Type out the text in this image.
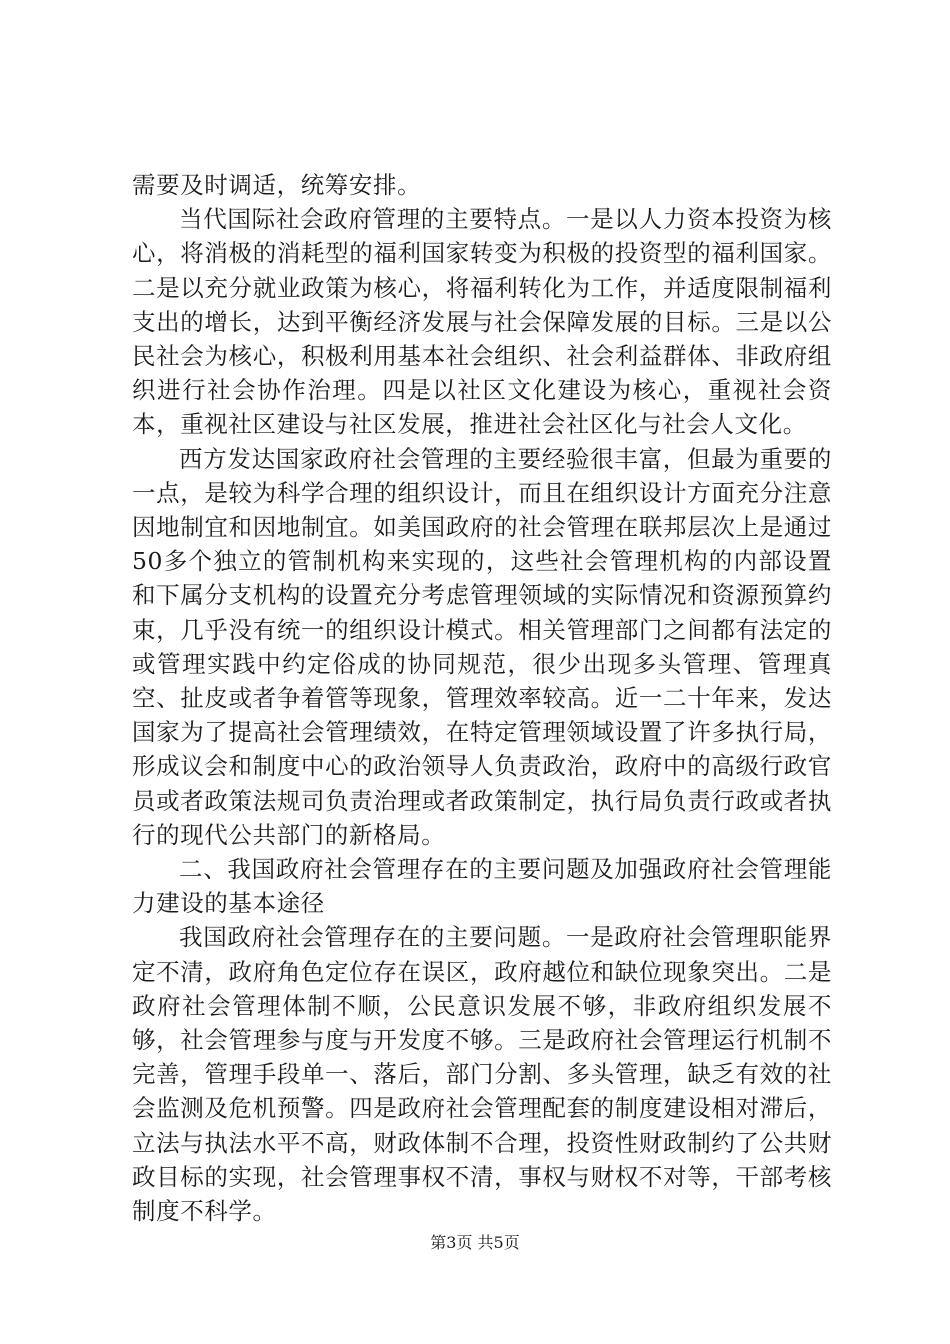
需要及时调适，统筹安排。

当代国际社会政府管理的主要特点。一是以人力资本投资为核心，将消极的消耗型的福利国家转变为积极的投资型的福利国家。二是以充分就业政策为核心，将福利转化为工作，并适度限制福利支出的增长，达到平衡经济发展与社会保障发展的目标。三是以公民社会为核心，积极利用基本社会组织、社会利益群体、非政府组织进行社会协作治理。四是以社区文化建设为核心，重视社会资本，重视社区建设与社区发展，推进社会社区化与社会人文化。

西方发达国家政府社会管理的主要经验很丰富，但最为重要的一点，是较为科学合理的组织设计，而且在组织设计方面充分注意因地制宜和因地制宜。如美国政府的社会管理在联邦层次上是通过50多个独立的管制机构来实现的，这些社会管理机构的内部设置和下属分支机构的设置充分考虑管理领域的实际情况和资源预算约束，几乎没有统一的组织设计模式。相关管理部门之间都有法定的或管理实践中约定俗成的协同规范，很少出现多头管理、管理真空、扯皮或者争着管等现象，管理效率较高。近一二十年来，发达国家为了提高社会管理绩效，在特定管理领域设置了许多执行局，形成议会和制度中心的政治领导人负责政治，政府中的高级行政官员或者政策法规司负责治理或者政策制定，执行局负责行政或者执行的现代公共部门的新格局。

二、我国政府社会管理存在的主要问题及加强政府社会管理能力建设的基本途径

我国政府社会管理存在的主要问题。一是政府社会管理职能界定不清，政府角色定位存在误区，政府越位和缺位现象突出。二是政府社会管理体制不顺，公民意识发展不够，非政府组织发展不够，社会管理参与度与开发度不够。三是政府社会管理运行机制不完善，管理手段单一、落后，部门分割、多头管理，缺乏有效的社会监测及危机预警。四是政府社会管理配套的制度建设相对滞后，立法与执法水平不高，财政体制不合理，投资性财政制约了公共财政目标的实现，社会管理事权不清，事权与财权不对等，干部考核制度不科学。

第3页 共5页
